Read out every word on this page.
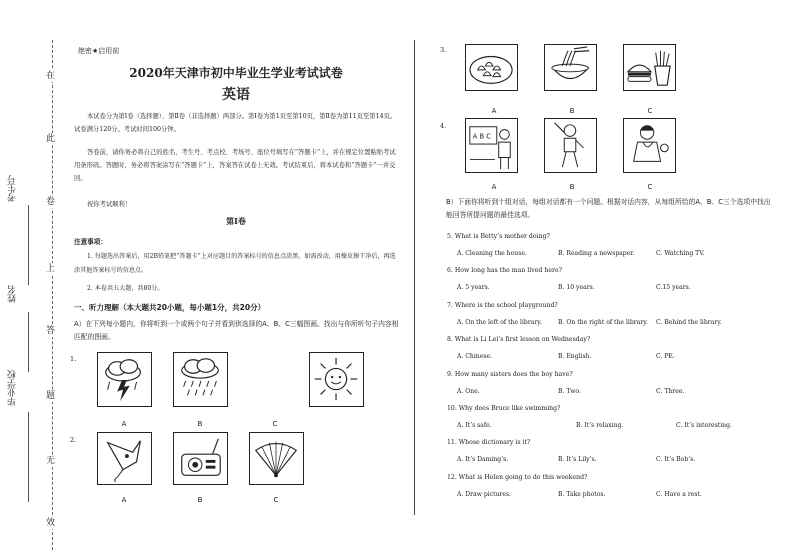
在
此
卷
上
答
题
无
效
考生号
姓名
毕业学校
绝密★启用前
2020年天津市初中毕业生学业考试试卷
英语
本试卷分为第Ⅰ卷（选择题）、第Ⅱ卷（非选择题）两部分。第Ⅰ卷为第1页至第10页，第Ⅱ卷为第11页至第14页。试卷满分120分。考试时间100分钟。
答卷前，请你务必将自己的姓名、考生号、考点校、考场号、座位号填写在“答题卡”上，并在规定位置粘贴考试用条形码。答题时，务必将答案涂写在“答题卡”上，答案答在试卷上无效。考试结束后，将本试卷和“答题卡”一并交回。
祝你考试顺利！
第Ⅰ卷
注意事项：
1. 每题选出答案后，用2B铅笔把“答题卡”上对应题目的答案标号的信息点涂黑。如需改动，用橡皮擦干净后，再选涂其他答案标号的信息点。
2. 本卷共五大题，共80分。
一、听力理解（本大题共20小题，每小题1分，共20分）
A）在下列每小题内，你将听到一个或两个句子并看到供选择的A、B、C三幅图画。找出与你所听句子内容相匹配的图画。
1.
A	B	C
2.
A	B	C
3.
A	B	C
4.
A B C
A	B	C
B）下面你将听到十组对话，每组对话都有一个问题。根据对话内容，从每组所给的A、B、C三个选项中找出能回答所提问题的最佳选项。
5. What is Betty’s mother doing?
A. Cleaning the house.	B. Reading a newspaper.	C. Watching TV.
6. How long has the man lived here?
A. 5 years.	B. 10 years.	C.15 years.
7. Where is the school playground?
A. On the left of the library.	B. On the right of the library. C. Behind the library.
8. What is Li Lei’s first lesson on Wednesday?
A. Chinese.	B. English.	C. PE.
9. How many sisters does the boy have?
A. One.	B. Two.	C. Three.
10. Why does Bruce like swimming?
A. It’s safe.	B. It’s relaxing.	C. It’s interesting.
11. Whose dictionary is it?
A. It’s Daming’s.	B. It’s Lily’s.	C. It’s Bob’s.
12. What is Helen going to do this weekend?
A. Draw pictures.	B. Take photos.	C. Have a rest.
